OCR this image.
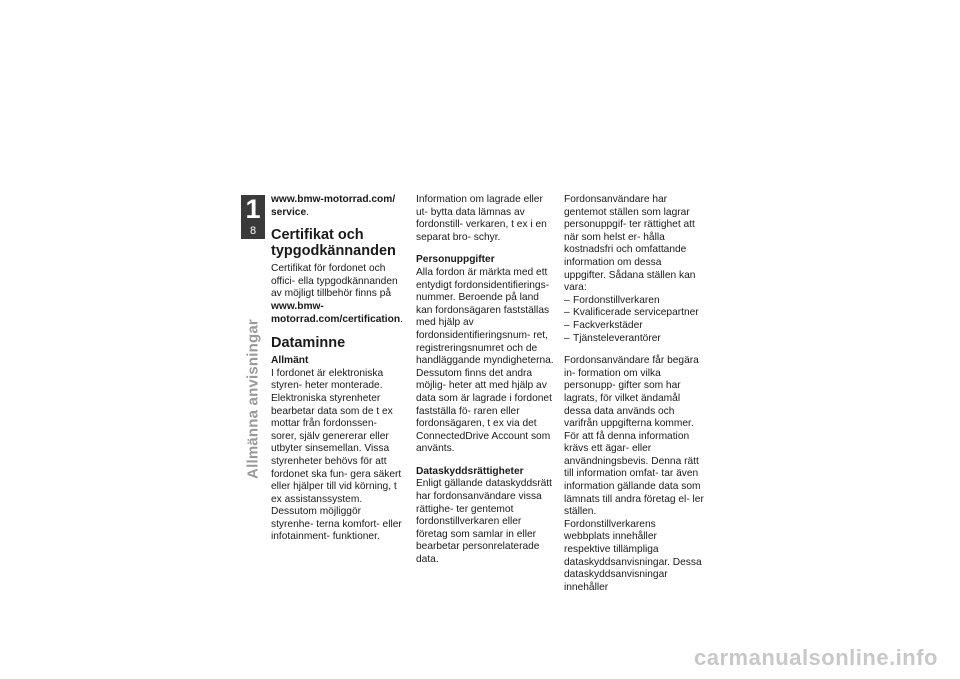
1
8
Allmänna anvisningar

www.bmw-motorrad.com/ service.

Certifikat och typgodkännanden

Certifikat för fordonet och offici- ella typgodkännanden av möjligt tillbehör finns på www.bmw- motorrad.com/certification.

Dataminne
Allmänt

I fordonet är elektroniska styren- heter monterade. Elektroniska styrenheter bearbetar data som de t ex mottar från fordonssen- sorer, själv genererar eller utbyter sinsemellan. Vissa styrenheter behövs för att fordonet ska fun- gera säkert eller hjälper till vid körning, t ex assistanssystem. Dessutom möjliggör styrenhe- terna komfort- eller infotainment- funktioner.

Information om lagrade eller ut- bytta data lämnas av fordonstill- verkaren, t ex i en separat bro- schyr.

Personuppgifter

Alla fordon är märkta med ett entydigt fordonsidentifierings- nummer. Beroende på land kan fordonsägaren fastställas med hjälp av fordonsidentifieringsnum- ret, registreringsnumret och de handläggande myndigheterna. Dessutom finns det andra möjlig- heter att med hjälp av data som är lagrade i fordonet fastställa fö- raren eller fordonsägaren, t ex via det ConnectedDrive Account som använts.

Dataskyddsrättigheter

Enligt gällande dataskyddsrätt har fordonsanvändare vissa rättighe- ter gentemot fordonstillverkaren eller företag som samlar in eller bearbetar personrelaterade data.

Fordonsanvändare har gentemot ställen som lagrar personuppgif- ter rättighet att när som helst er- hålla kostnadsfri och omfattande information om dessa uppgifter. Sådana ställen kan vara:

– Fordonstillverkaren
– Kvalificerade servicepartner
– Fackverkstäder
– Tjänsteleverantörer

Fordonsanvändare får begära in- formation om vilka personupp- gifter som har lagrats, för vilket ändamål dessa data används och varifrån uppgifterna kommer. För att få denna information krävs ett ägar- eller användningsbevis. Denna rätt till information omfat- tar även information gällande data som lämnats till andra företag el- ler ställen.

Fordonstillverkarens webbplats innehåller respektive tillämpliga dataskyddsanvisningar. Dessa dataskyddsanvisningar innehåller

carmanualsonline.info
